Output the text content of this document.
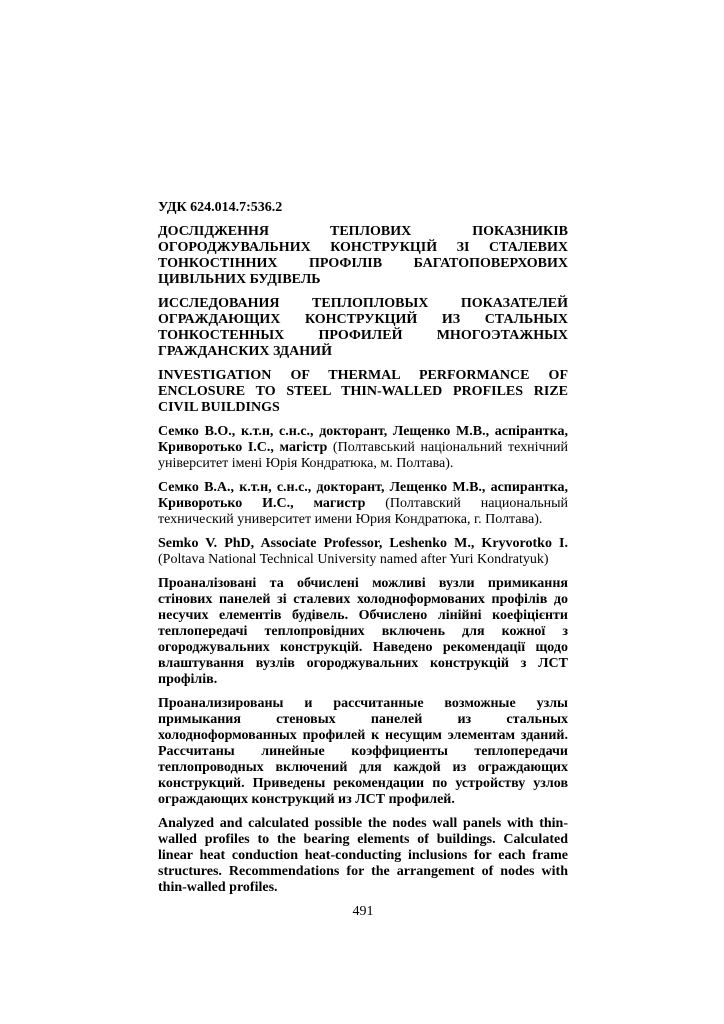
УДК 624.014.7:536.2

ДОСЛІДЖЕННЯ ТЕПЛОВИХ ПОКАЗНИКІВ ОГОРОДЖУВАЛЬНИХ КОНСТРУКЦІЙ ЗІ СТАЛЕВИХ ТОНКОСТІННИХ ПРОФІЛІВ БАГАТОПОВЕРХОВИХ ЦИВІЛЬНИХ БУДІВЕЛЬ

ИССЛЕДОВАНИЯ ТЕПЛОПЛОВЫХ ПОКАЗАТЕЛЕЙ ОГРАЖДАЮЩИХ КОНСТРУКЦИЙ ИЗ СТАЛЬНЫХ ТОНКОСТЕННЫХ ПРОФИЛЕЙ МНОГОЭТАЖНЫХ ГРАЖДАНСКИХ ЗДАНИЙ

INVESTIGATION OF THERMAL PERFORMANCE OF ENCLOSURE TO STEEL THIN-WALLED PROFILES RIZE CIVIL BUILDINGS

Семко В.О., к.т.н, с.н.с., докторант, Лещенко М.В., аспірантка, Криворотько І.С., магістр (Полтавський національний технічний університет імені Юрія Кондратюка, м. Полтава).

Семко В.А., к.т.н, с.н.с., докторант, Лещенко М.В., аспирантка, Криворотько И.С., магистр (Полтавский национальный технический университет имени Юрия Кондратюка, г. Полтава).

Semko V. PhD, Associate Professor, Leshenko M., Kryvorotko I. (Poltava National Technical University named after Yuri Kondratyuk)

Проаналізовані та обчислені можливі вузли примикання стінових панелей зі сталевих холодноформованих профілів до несучих елементів будівель. Обчислено лінійні коефіцієнти теплопередачі теплопровідних включень для кожної з огороджувальних конструкцій. Наведено рекомендації щодо влаштування вузлів огороджувальних конструкцій з ЛСТ профілів.

Проанализированы и рассчитанные возможные узлы примыкания стеновых панелей из стальных холодноформованных профилей к несущим элементам зданий. Рассчитаны линейные коэффициенты теплопередачи теплопроводных включений для каждой из ограждающих конструкций. Приведены рекомендации по устройству узлов ограждающих конструкций из ЛСТ профилей.

Analyzed and calculated possible the nodes wall panels with thin-walled profiles to the bearing elements of buildings. Calculated linear heat conduction heat-conducting inclusions for each frame structures. Recommendations for the arrangement of nodes with thin-walled profiles.

491
